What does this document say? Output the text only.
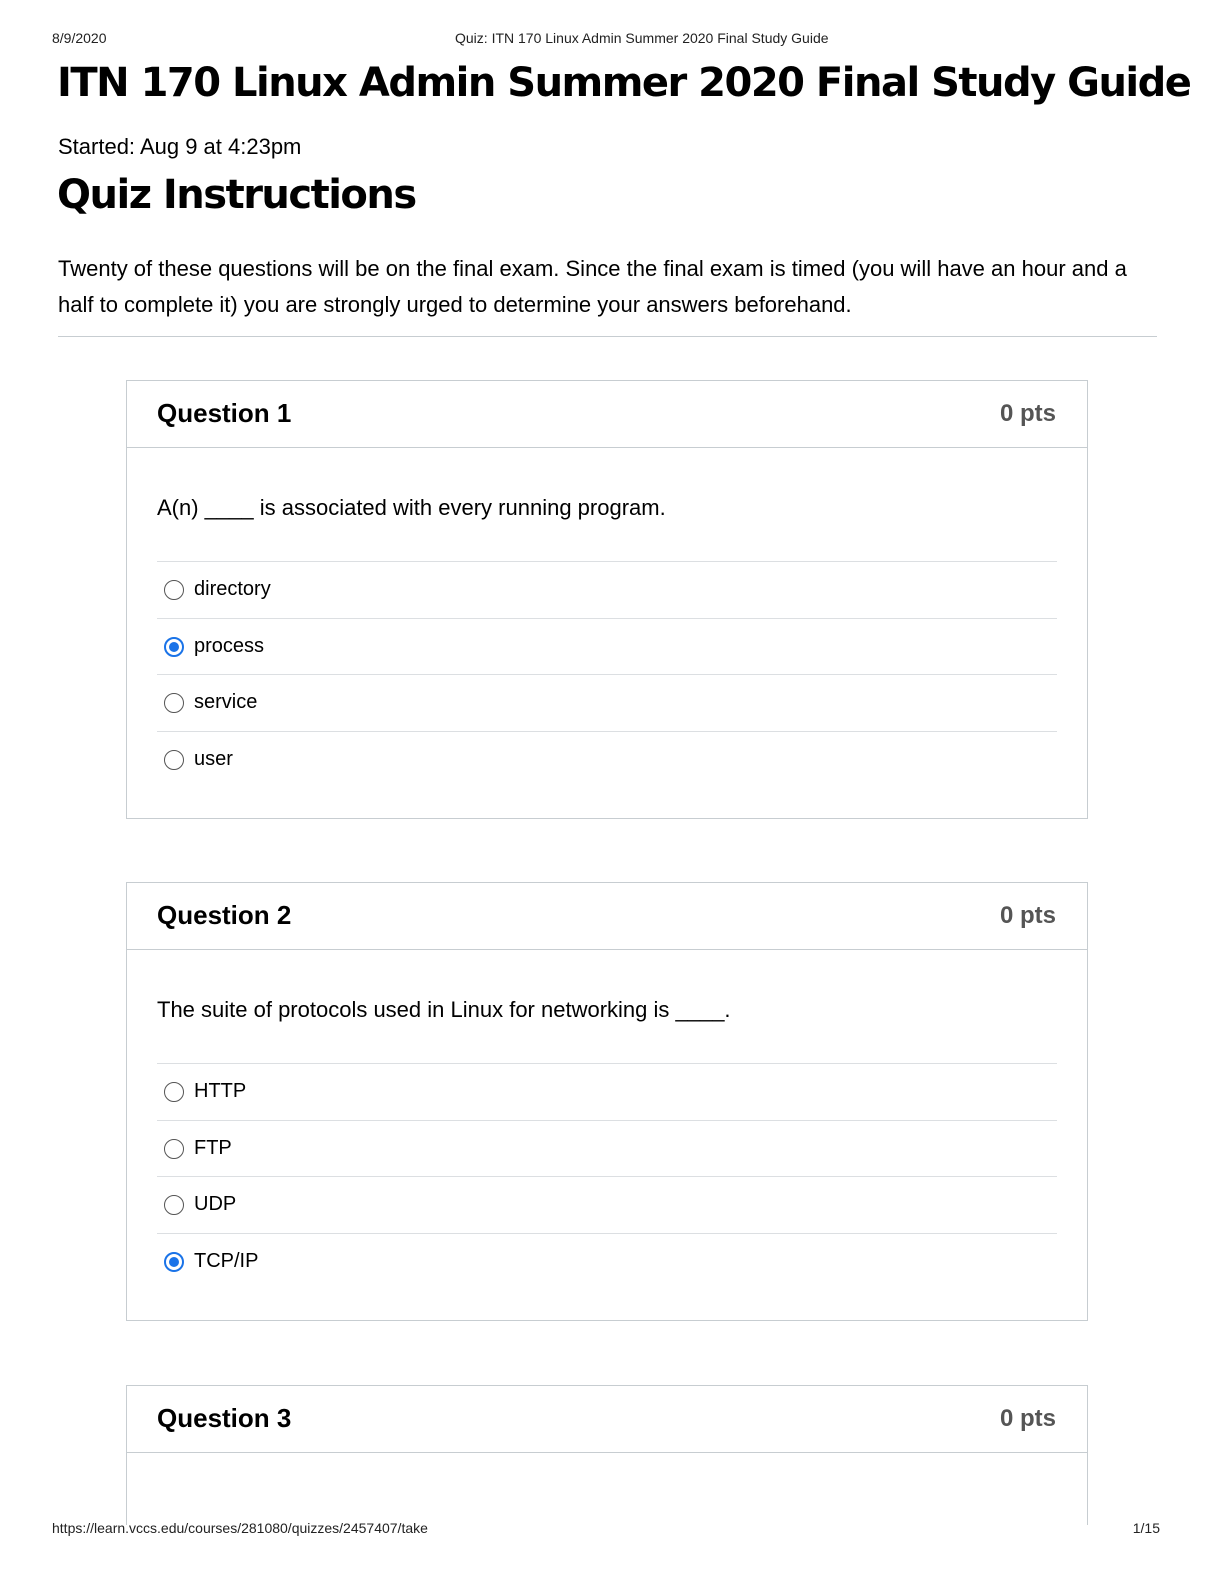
8/9/2020	Quiz: ITN 170 Linux Admin Summer 2020 Final Study Guide
ITN 170 Linux Admin Summer 2020 Final Study Guide
Started: Aug 9 at 4:23pm
Quiz Instructions

Twenty of these questions will be on the final exam. Since the final exam is timed (you will have an hour and a half to complete it) you are strongly urged to determine your answers beforehand.

Question 1	0 pts
A(n) ____ is associated with every running program.
directory
process
service
user
Question 2	0 pts
The suite of protocols used in Linux for networking is ____.
HTTP
FTP
UDP
TCP/IP
Question 3	0 pts
https://learn.vccs.edu/courses/281080/quizzes/2457407/take	1/15
